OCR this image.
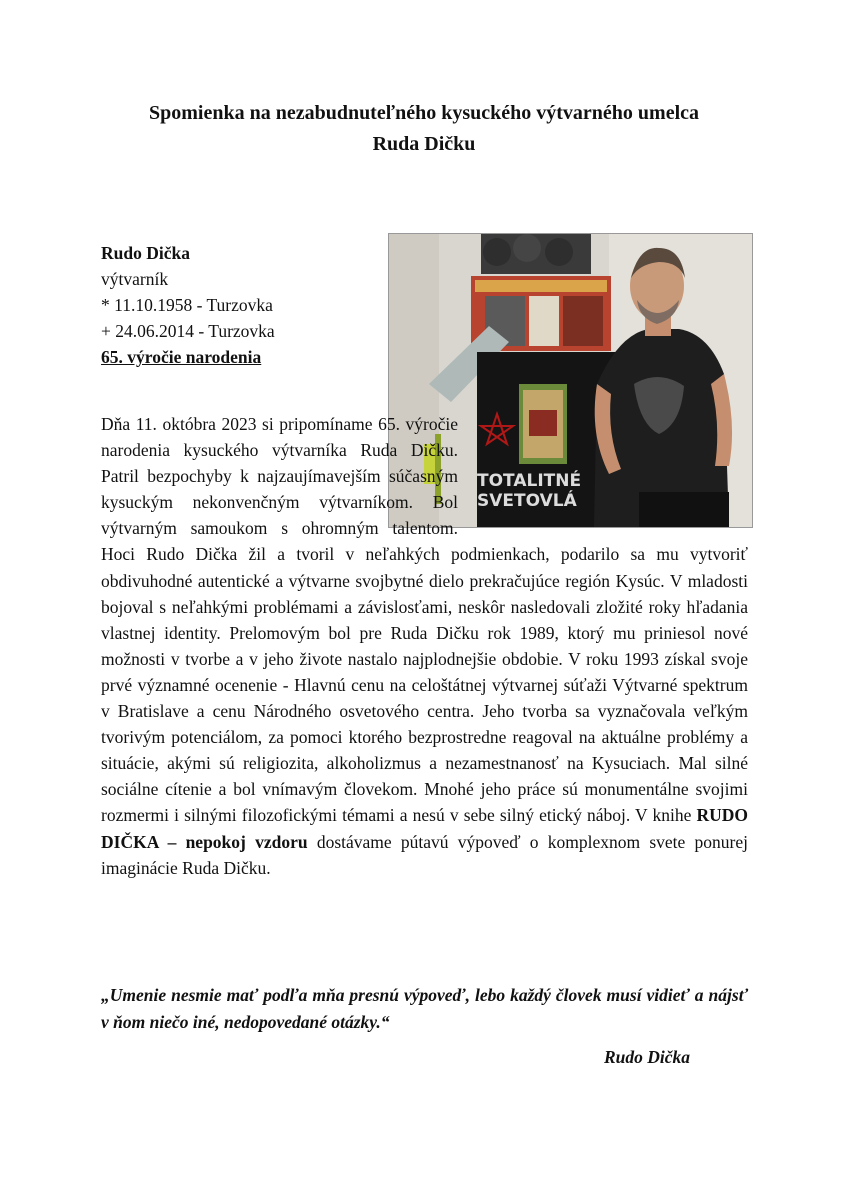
Spomienka na nezabudnuteľného kysuckého výtvarného umelca
Ruda Dičku
Rudo Dička
výtvarník
* 11.10.1958 - Turzovka
+ 24.06.2014 - Turzovka
65. výročie narodenia
TOTALITNÉ
SVETOVLÁ
Dňa 11. októbra 2023 si pripomíname 65. výročie narodenia kysuckého výtvarníka Ruda Dičku. Patril bezpochyby k najzaujímavejším súčasným kysuckým nekonvenčným výtvarníkom. Bol výtvarným samoukom s ohromným talentom. Hoci Rudo Dička žil a tvoril v neľahkých podmienkach, podarilo sa mu vytvoriť obdivuhodné autentické a výtvarne svojbytné dielo prekračujúce región Kysúc. V mladosti bojoval s neľahkými problémami a závislosťami, neskôr nasledovali zložité roky hľadania vlastnej identity. Prelomovým bol pre Ruda Dičku rok 1989, ktorý mu priniesol nové možnosti v tvorbe a v jeho živote nastalo najplodnejšie obdobie. V roku 1993 získal svoje prvé významné ocenenie - Hlavnú cenu na celoštátnej výtvarnej súťaži Výtvarné spektrum v Bratislave a cenu Národného osvetového centra. Jeho tvorba sa vyznačovala veľkým tvorivým potenciálom, za pomoci ktorého bezprostredne reagoval na aktuálne problémy a situácie, akými sú religiozita, alkoholizmus a nezamestnanosť na Kysuciach. Mal silné sociálne cítenie a bol vnímavým človekom. Mnohé jeho práce sú monumentálne svojimi rozmermi i silnými filozofickými témami a nesú v sebe silný etický náboj. V knihe RUDO DIČKA – nepokoj vzdoru dostávame pútavú výpoveď o komplexnom svete ponurej imaginácie Ruda Dičku.
„Umenie nesmie mať podľa mňa presnú výpoveď, lebo každý človek musí vidieť a nájsť v ňom niečo iné, nedopovedané otázky.“
Rudo Dička
